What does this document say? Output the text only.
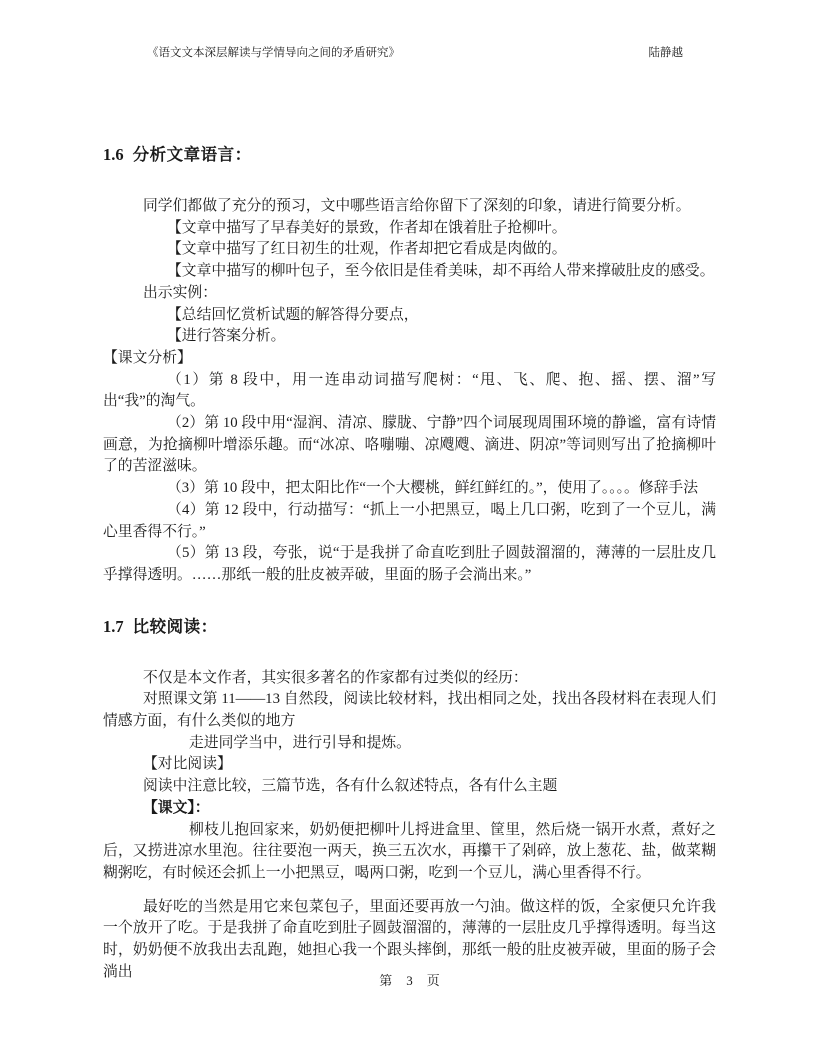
《语文文本深层解读与学情导向之间的矛盾研究》	陆静越
1.6 分析文章语言：

同学们都做了充分的预习，文中哪些语言给你留下了深刻的印象，请进行简要分析。

【文章中描写了早春美好的景致，作者却在饿着肚子抢柳叶。

【文章中描写了红日初生的壮观，作者却把它看成是肉做的。

【文章中描写的柳叶包子，至今依旧是佳肴美味，却不再给人带来撑破肚皮的感受。

出示实例：

【总结回忆赏析试题的解答得分要点，

【进行答案分析。

【课文分析】

（1）第 8 段中，用一连串动词描写爬树：“甩、飞、爬、抱、摇、摆、溜”写出“我”的淘气。

（2）第 10 段中用“湿润、清凉、朦胧、宁静”四个词展现周围环境的静谧，富有诗情画意，为抢摘柳叶增添乐趣。而“冰凉、咯嘣嘣、凉飕飕、滴进、阴凉”等词则写出了抢摘柳叶了的苦涩滋味。

（3）第 10 段中，把太阳比作“一个大樱桃，鲜红鲜红的。”，使用了。。。。修辞手法

（4）第 12 段中，行动描写：“抓上一小把黑豆，喝上几口粥，吃到了一个豆儿，满心里香得不行。”

（5）第 13 段，夸张，说“于是我拼了命直吃到肚子圆鼓溜溜的，薄薄的一层肚皮几乎撑得透明。……那纸一般的肚皮被弄破，里面的肠子会淌出来。”

1.7 比较阅读：

不仅是本文作者，其实很多著名的作家都有过类似的经历：

对照课文第 11——13 自然段，阅读比较材料，找出相同之处，找出各段材料在表现人们情感方面，有什么类似的地方

走进同学当中，进行引导和提炼。

【对比阅读】

阅读中注意比较，三篇节选，各有什么叙述特点，各有什么主题

【课文】：

柳枝儿抱回家来，奶奶便把柳叶儿捋进盒里、筐里，然后烧一锅开水煮，煮好之后，又捞进凉水里泡。往往要泡一两天，换三五次水，再攥干了剁碎，放上葱花、盐，做菜糊糊粥吃，有时候还会抓上一小把黑豆，喝两口粥，吃到一个豆儿，满心里香得不行。

最好吃的当然是用它来包菜包子，里面还要再放一勺油。做这样的饭，全家便只允许我一个放开了吃。于是我拼了命直吃到肚子圆鼓溜溜的，薄薄的一层肚皮几乎撑得透明。每当这时，奶奶便不放我出去乱跑，她担心我一个跟头摔倒，那纸一般的肚皮被弄破，里面的肠子会淌出

第 3 页
